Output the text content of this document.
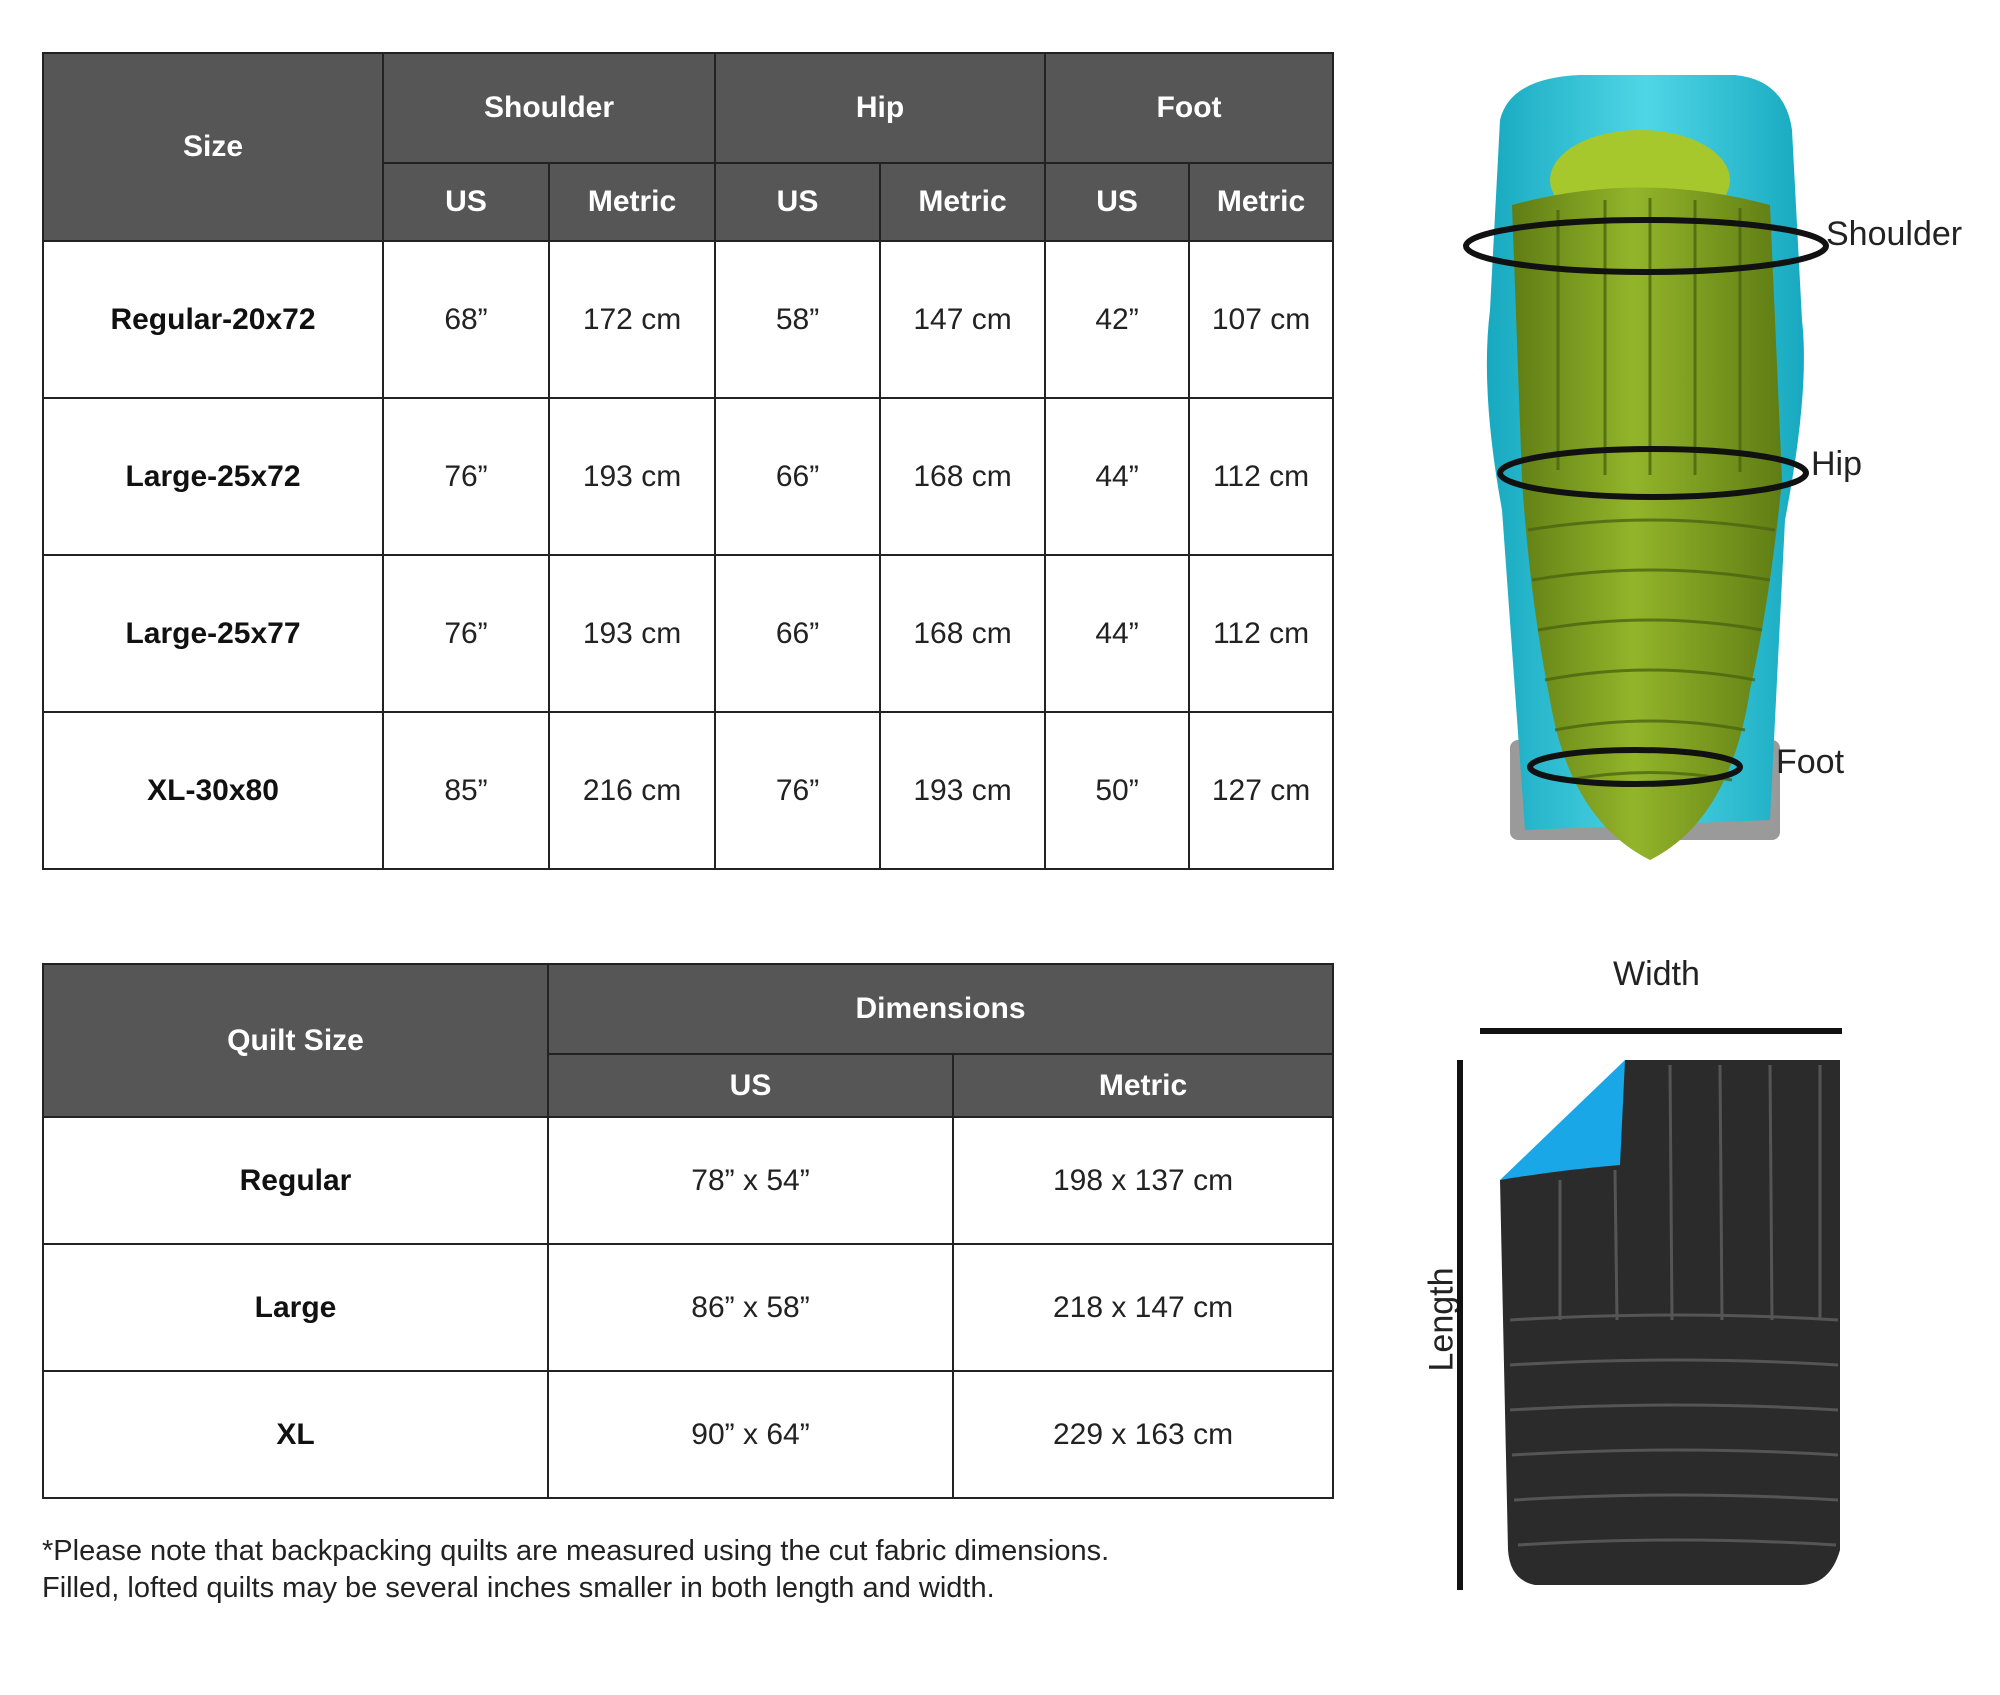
Size	Shoulder		Hip		Foot	
	US	Metric	US	Metric	US	Metric
Regular-20x72	68”	172 cm	58”	147 cm	42”	107 cm
Large-25x72	76”	193 cm	66”	168 cm	44”	112 cm
Large-25x77	76”	193 cm	66”	168 cm	44”	112 cm
XL-30x80	85”	216 cm	76”	193 cm	50”	127 cm
Quilt Size	Dimensions	
	US	Metric
Regular	78” x 54”	198 x 137 cm
Large	86” x 58”	218 x 147 cm
XL	90” x 64”	229 x 163 cm
*Please note that backpacking quilts are measured using the cut fabric dimensions.
Filled, lofted quilts may be several inches smaller in both length and width.
Shoulder
Hip
Foot
Width
Length
